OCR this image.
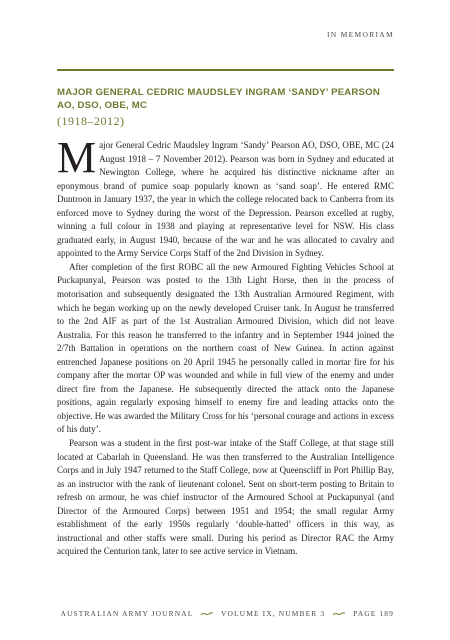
IN MEMORIAM
MAJOR GENERAL CEDRIC MAUDSLEY INGRAM ‘SANDY’ PEARSON AO, DSO, OBE, MC
(1918–2012)

Major General Cedric Maudsley Ingram ‘Sandy’ Pearson AO, DSO, OBE, MC (24 August 1918 – 7 November 2012). Pearson was born in Sydney and educated at Newington College, where he acquired his distinctive nickname after an eponymous brand of pumice soap popularly known as ‘sand soap’. He entered RMC Duntroon in January 1937, the year in which the college relocated back to Canberra from its enforced move to Sydney during the worst of the Depression. Pearson excelled at rugby, winning a full colour in 1938 and playing at representative level for NSW. His class graduated early, in August 1940, because of the war and he was allocated to cavalry and appointed to the Army Service Corps Staff of the 2nd Division in Sydney.

After completion of the first ROBC all the new Armoured Fighting Vehicles School at Puckapunyal, Pearson was posted to the 13th Light Horse, then in the process of motorisation and subsequently designated the 13th Australian Armoured Regiment, with which he began working up on the newly developed Cruiser tank. In August he transferred to the 2nd AIF as part of the 1st Australian Armoured Division, which did not leave Australia. For this reason he transferred to the infantry and in September 1944 joined the 2/7th Battalion in operations on the northern coast of New Guinea. In action against entrenched Japanese positions on 20 April 1945 he personally called in mortar fire for his company after the mortar OP was wounded and while in full view of the enemy and under direct fire from the Japanese. He subsequently directed the attack onto the Japanese positions, again regularly exposing himself to enemy fire and leading attacks onto the objective. He was awarded the Military Cross for his ‘personal courage and actions in excess of his duty’.

Pearson was a student in the first post-war intake of the Staff College, at that stage still located at Cabarlah in Queensland. He was then transferred to the Australian Intelligence Corps and in July 1947 returned to the Staff College, now at Queenscliff in Port Phillip Bay, as an instructor with the rank of lieutenant colonel. Sent on short-term posting to Britain to refresh on armour, he was chief instructor of the Armoured School at Puckapunyal (and Director of the Armoured Corps) between 1951 and 1954; the small regular Army establishment of the early 1950s regularly ‘double-hatted’ officers in this way, as instructional and other staffs were small. During his period as Director RAC the Army acquired the Centurion tank, later to see active service in Vietnam.

AUSTRALIAN ARMY JOURNAL	VOLUME IX, NUMBER 3	PAGE 189
